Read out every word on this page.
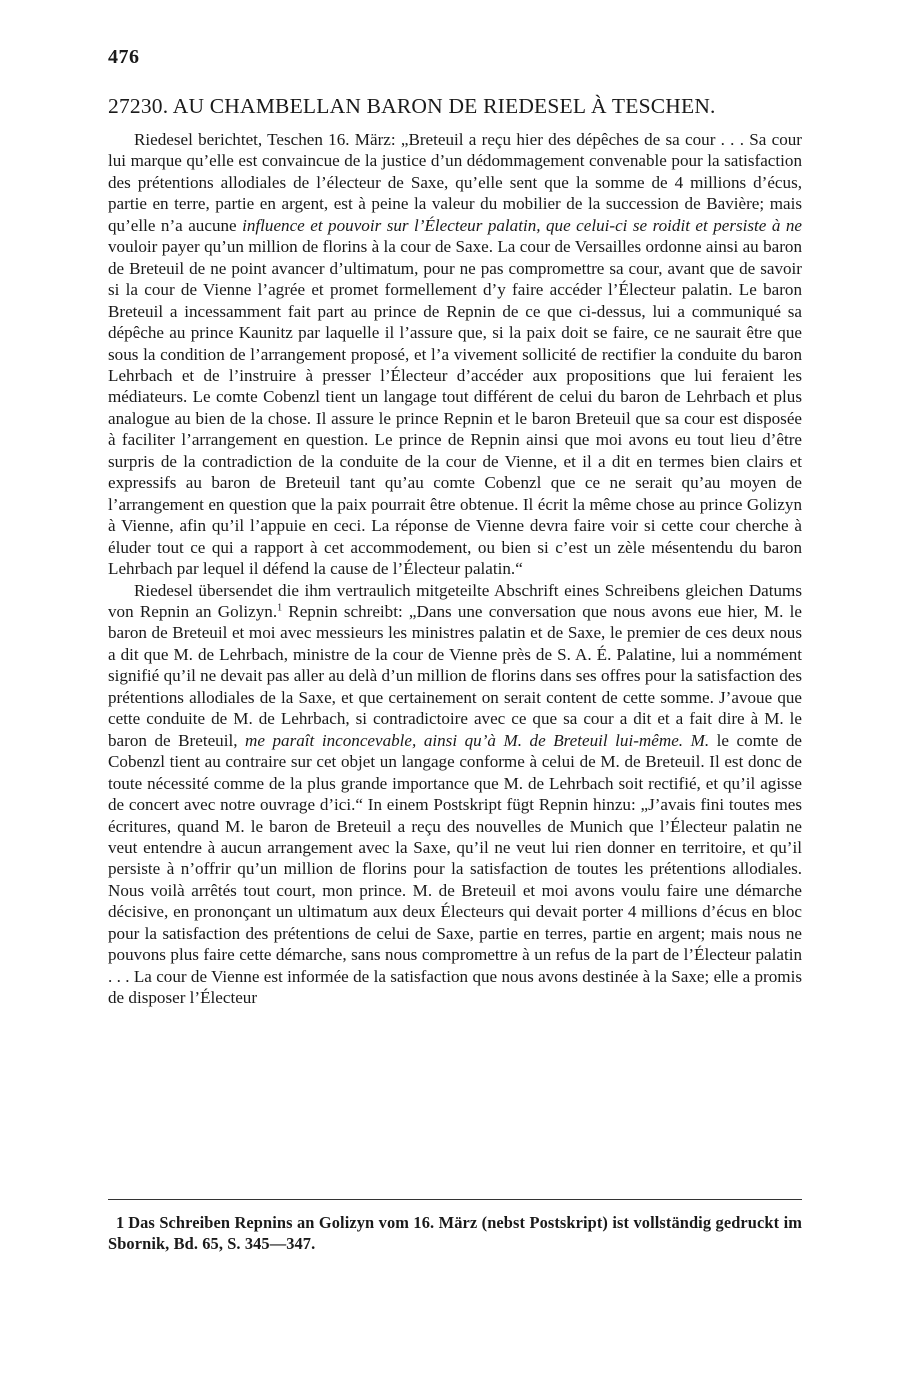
476
27230. AU CHAMBELLAN BARON DE RIEDESEL À TESCHEN.

Riedesel berichtet, Teschen 16. März: „Breteuil a reçu hier des dépêches de sa cour . . . Sa cour lui marque qu’elle est convaincue de la justice d’un dédommagement convenable pour la satisfaction des prétentions allodiales de l’électeur de Saxe, qu’elle sent que la somme de 4 millions d’écus, partie en terre, partie en argent, est à peine la valeur du mobilier de la succession de Bavière; mais qu’elle n’a aucune influence et pouvoir sur l’Électeur palatin, que celui-ci se roidit et persiste à ne vouloir payer qu’un million de florins à la cour de Saxe. La cour de Versailles ordonne ainsi au baron de Breteuil de ne point avancer d’ultimatum, pour ne pas compromettre sa cour, avant que de savoir si la cour de Vienne l’agrée et promet formellement d’y faire accéder l’Électeur palatin. Le baron Breteuil a incessamment fait part au prince de Repnin de ce que ci-dessus, lui a communiqué sa dépêche au prince Kaunitz par laquelle il l’assure que, si la paix doit se faire, ce ne saurait être que sous la condition de l’arrangement proposé, et l’a vivement sollicité de rectifier la conduite du baron Lehrbach et de l’instruire à presser l’Électeur d’accéder aux propositions que lui feraient les médiateurs. Le comte Cobenzl tient un langage tout différent de celui du baron de Lehrbach et plus analogue au bien de la chose. Il assure le prince Repnin et le baron Breteuil que sa cour est disposée à faciliter l’arrangement en question. Le prince de Repnin ainsi que moi avons eu tout lieu d’être surpris de la contradiction de la conduite de la cour de Vienne, et il a dit en termes bien clairs et expressifs au baron de Breteuil tant qu’au comte Cobenzl que ce ne serait qu’au moyen de l’arrangement en question que la paix pourrait être obtenue. Il écrit la même chose au prince Golizyn à Vienne, afin qu’il l’appuie en ceci. La réponse de Vienne devra faire voir si cette cour cherche à éluder tout ce qui a rapport à cet accommodement, ou bien si c’est un zèle mésentendu du baron Lehrbach par lequel il défend la cause de l’Électeur palatin.“

Riedesel übersendet die ihm vertraulich mitgeteilte Abschrift eines Schreibens gleichen Datums von Repnin an Golizyn.$^1$ Repnin schreibt: „Dans une conversation que nous avons eue hier, M. le baron de Breteuil et moi avec messieurs les ministres palatin et de Saxe, le premier de ces deux nous a dit que M. de Lehrbach, ministre de la cour de Vienne près de S. A. É. Palatine, lui a nommément signifié qu’il ne devait pas aller au delà d’un million de florins dans ses offres pour la satisfaction des prétentions allodiales de la Saxe, et que certainement on serait content de cette somme. J’avoue que cette conduite de M. de Lehrbach, si contradictoire avec ce que sa cour a dit et a fait dire à M. le baron de Breteuil, me paraît inconcevable, ainsi qu’à M. de Breteuil lui-même. M. le comte de Cobenzl tient au contraire sur cet objet un langage conforme à celui de M. de Breteuil. Il est donc de toute nécessité comme de la plus grande importance que M. de Lehrbach soit rectifié, et qu’il agisse de concert avec notre ouvrage d’ici.“ In einem Postskript fügt Repnin hinzu: „J’avais fini toutes mes écritures, quand M. le baron de Breteuil a reçu des nouvelles de Munich que l’Électeur palatin ne veut entendre à aucun arrangement avec la Saxe, qu’il ne veut lui rien donner en territoire, et qu’il persiste à n’offrir qu’un million de florins pour la satisfaction de toutes les prétentions allodiales. Nous voilà arrêtés tout court, mon prince. M. de Breteuil et moi avons voulu faire une démarche décisive, en prononçant un ultimatum aux deux Électeurs qui devait porter 4 millions d’écus en bloc pour la satisfaction des prétentions de celui de Saxe, partie en terres, partie en argent; mais nous ne pouvons plus faire cette démarche, sans nous compromettre à un refus de la part de l’Électeur palatin . . . La cour de Vienne est informée de la satisfaction que nous avons destinée à la Saxe; elle a promis de disposer l’Électeur

1 Das Schreiben Repnins an Golizyn vom 16. März (nebst Postskript) ist vollständig gedruckt im Sbornik, Bd. 65, S. 345—347.
